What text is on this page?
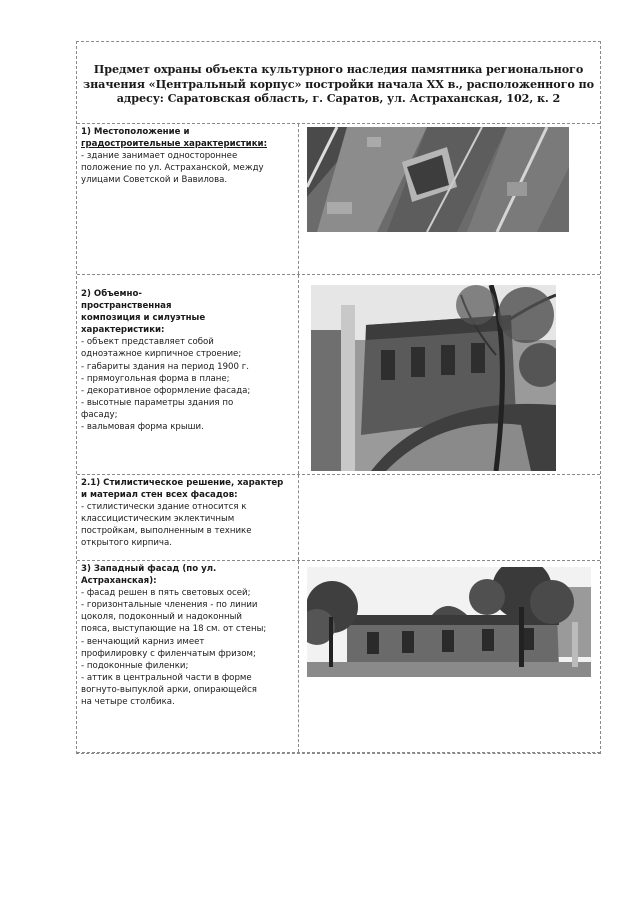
Предмет охраны объекта культурного наследия памятника регионального
значения «Центральный корпус» постройки начала XX в., расположенного по
адресу: Саратовская область, г. Саратов, ул. Астраханская, 102, к. 2
1) Местоположение и
градостроительные характеристики:
- здание занимает одностороннее
положение по ул. Астраханской, между
улицами Советской и Вавилова.
2) Объемно-
пространственная
композиция и силуэтные
характеристики:
- объект представляет собой
одноэтажное кирпичное строение;
- габариты здания на период 1900 г.
- прямоугольная форма в плане;
- декоративное оформление фасада;
- высотные параметры здания по
фасаду;
- вальмовая форма крыши.
2.1) Стилистическое решение, характер
и материал стен всех фасадов:
- стилистически здание относится к
классицистическим эклектичным
постройкам, выполненным в технике
открытого кирпича.
3) Западный фасад (по ул.
Астраханская):
- фасад решен в пять световых осей;
- горизонтальные членения - по линии
цоколя, подоконный и надоконный
пояса, выступающие на 18 см. от стены;
- венчающий карниз имеет
профилировку с филенчатым фризом;
- подоконные филенки;
- аттик в центральной части в форме
вогнуто-выпуклой арки, опирающейся
на четыре столбика.
